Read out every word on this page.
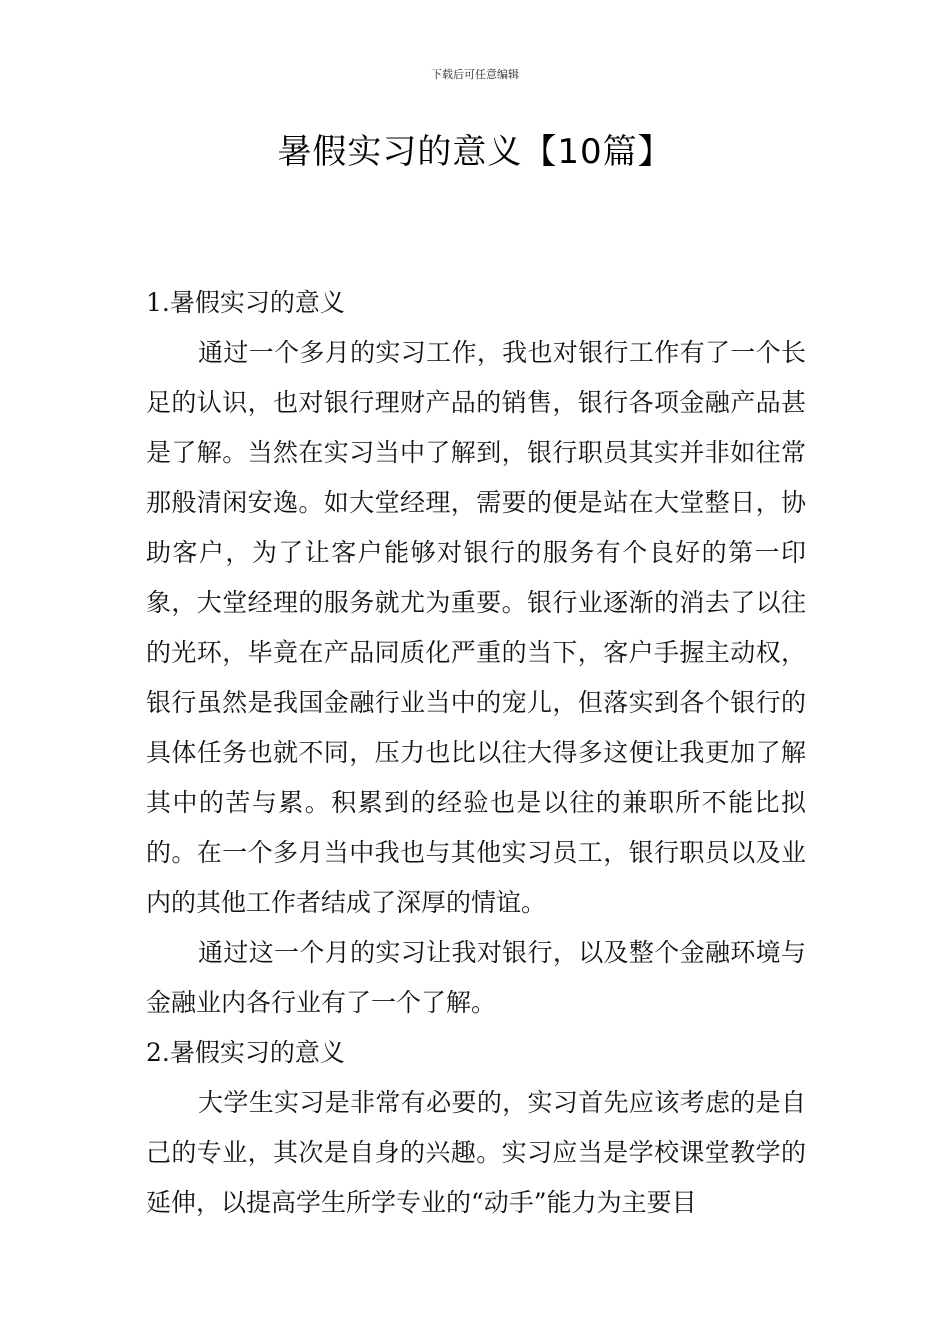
下载后可任意编辑
暑假实习的意义【10篇】

1.暑假实习的意义

通过一个多月的实习工作，我也对银行工作有了一个长足的认识，也对银行理财产品的销售，银行各项金融产品甚是了解。当然在实习当中了解到，银行职员其实并非如往常那般清闲安逸。如大堂经理，需要的便是站在大堂整日，协助客户，为了让客户能够对银行的服务有个良好的第一印象，大堂经理的服务就尤为重要。银行业逐渐的消去了以往的光环，毕竟在产品同质化严重的当下，客户手握主动权，银行虽然是我国金融行业当中的宠儿，但落实到各个银行的具体任务也就不同，压力也比以往大得多这便让我更加了解其中的苦与累。积累到的经验也是以往的兼职所不能比拟的。在一个多月当中我也与其他实习员工，银行职员以及业内的其他工作者结成了深厚的情谊。

通过这一个月的实习让我对银行，以及整个金融环境与金融业内各行业有了一个了解。

2.暑假实习的意义

大学生实习是非常有必要的，实习首先应该考虑的是自己的专业，其次是自身的兴趣。实习应当是学校课堂教学的延伸，以提高学生所学专业的“动手”能力为主要目
